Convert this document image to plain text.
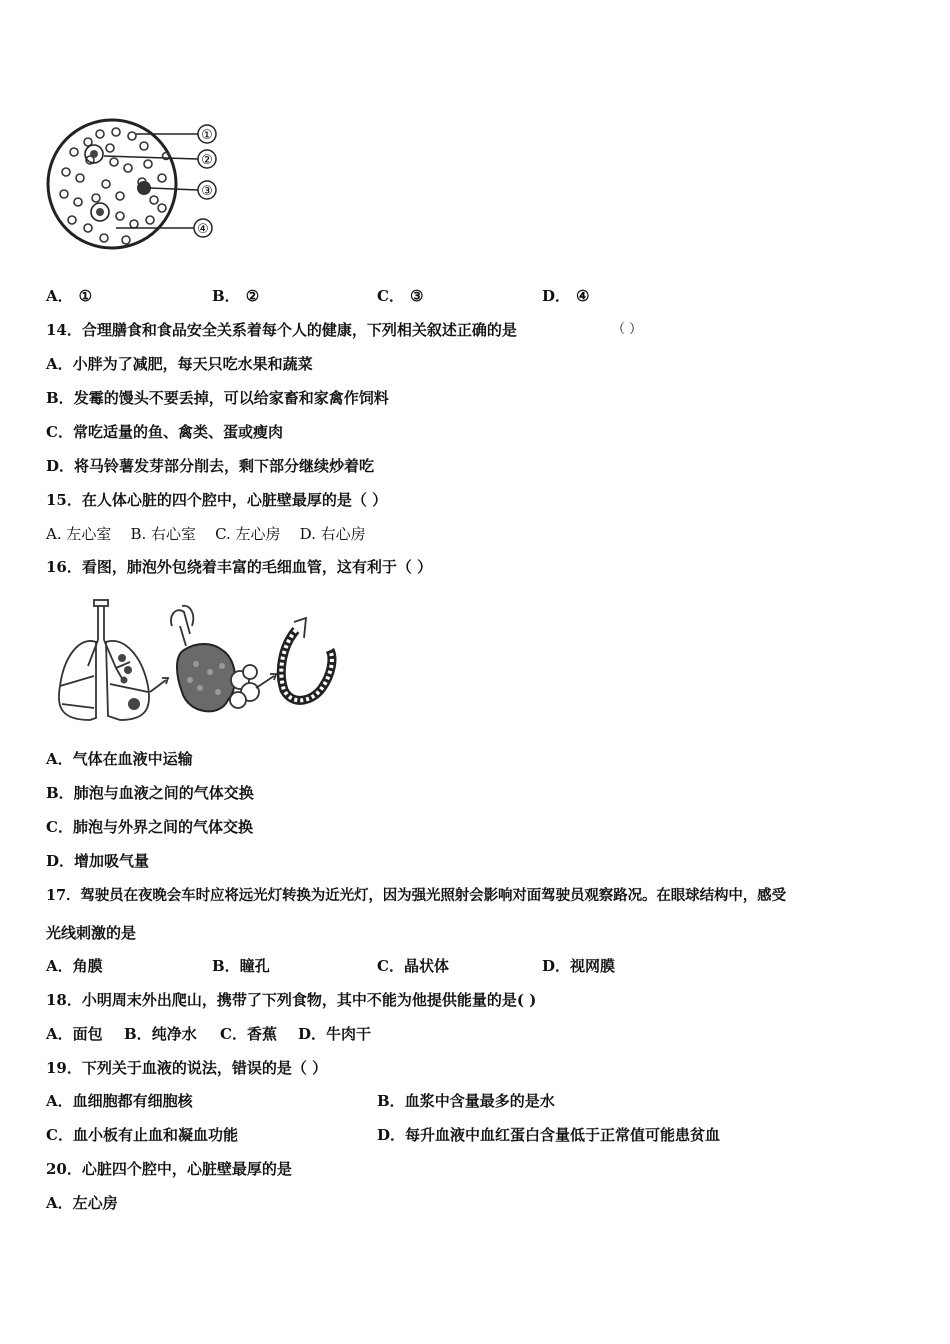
①
②
③
④
A． ①	B． ②	C． ③	D． ④
14．合理膳食和食品安全关系着每个人的健康，下列相关叙述正确的是	（ ）
A．小胖为了减肥，每天只吃水果和蔬菜
B．发霉的馒头不要丢掉，可以给家畜和家禽作饲料
C．常吃适量的鱼、禽类、蛋或瘦肉
D．将马铃薯发芽部分削去，剩下部分继续炒着吃
15．在人体心脏的四个腔中，心脏壁最厚的是（ ）
A. 左心室    B. 右心室    C. 左心房    D. 右心房
16．看图，肺泡外包绕着丰富的毛细血管，这有利于（ ）
A．气体在血液中运输
B．肺泡与血液之间的气体交换
C．肺泡与外界之间的气体交换
D．增加吸气量
17．驾驶员在夜晚会车时应将远光灯转换为近光灯，因为强光照射会影响对面驾驶员观察路况。在眼球结构中，感受
光线刺激的是
A．角膜	B．瞳孔	C．晶状体	D．视网膜
18．小明周末外出爬山，携带了下列食物，其中不能为他提供能量的是( )
A．面包 B．纯净水 C．香蕉 D．牛肉干
19．下列关于血液的说法，错误的是（ ）
A．血细胞都有细胞核	B．血浆中含量最多的是水
C．血小板有止血和凝血功能	D．每升血液中血红蛋白含量低于正常值可能患贫血
20．心脏四个腔中，心脏壁最厚的是
A．左心房
